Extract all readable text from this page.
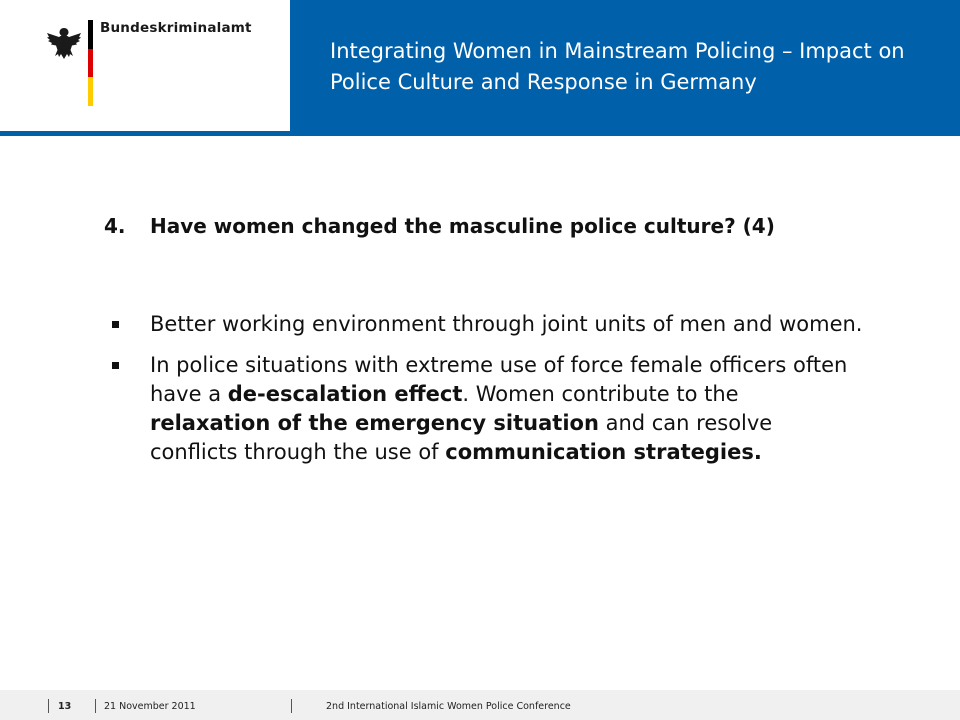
Bundeskriminalamt
Integrating Women in Mainstream Policing – Impact on Police Culture and Response in Germany
4.	Have women changed the masculine police culture? (4)
Better working environment through joint units of men and women.
In police situations with extreme use of force female officers often have a de-escalation effect. Women contribute to the relaxation of the emergency situation and can resolve conflicts through the use of communication strategies.
13	21 November 2011	2nd International Islamic Women Police Conference
